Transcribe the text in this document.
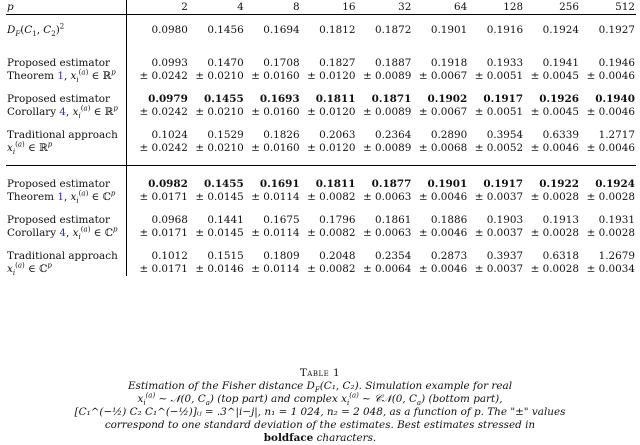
p		2	4	8	16	32	64	128	256	512
$D_F(C_1$, $C_2)^2$		0.0980	0.1456	0.1694	0.1812	0.1872	0.1901	0.1916	0.1924	0.1927

Proposed estimator		0.0993	0.1470	0.1708	0.1827	0.1887	0.1918	0.1933	0.1941	0.1946
Theorem 1, $x_i^{(a)}$ ∈ ℝ$^p$		± 0.0242	± 0.0210	± 0.0160	± 0.0120	± 0.0089	± 0.0067	± 0.0051	± 0.0045	± 0.0046

Proposed estimator		0.0979	0.1455	0.1693	0.1811	0.1871	0.1902	0.1917	0.1926	0.1940
Corollary 4, $x_i^{(a)}$ ∈ ℝ$^p$		± 0.0242	± 0.0210	± 0.0160	± 0.0120	± 0.0089	± 0.0067	± 0.0051	± 0.0045	± 0.0046

Traditional approach		0.1024	0.1529	0.1826	0.2063	0.2364	0.2890	0.3954	0.6339	1.2717
$x_i^{(a)}$ ∈ ℝ$^p$		± 0.0242	± 0.0210	± 0.0160	± 0.0120	± 0.0089	± 0.0068	± 0.0052	± 0.0046	± 0.0046

Proposed estimator		0.0982	0.1455	0.1691	0.1811	0.1877	0.1901	0.1917	0.1922	0.1924
Theorem 1, $x_i^{(a)}$ ∈ ℂ$^p$		± 0.0171	± 0.0145	± 0.0114	± 0.0082	± 0.0063	± 0.0046	± 0.0037	± 0.0028	± 0.0028

Proposed estimator		0.0968	0.1441	0.1675	0.1796	0.1861	0.1886	0.1903	0.1913	0.1931
Corollary 4, $x_i^{(a)}$ ∈ ℂ$^p$		± 0.0171	± 0.0145	± 0.0114	± 0.0082	± 0.0063	± 0.0046	± 0.0037	± 0.0028	± 0.0028

Traditional approach		0.1012	0.1515	0.1809	0.2048	0.2354	0.2873	0.3937	0.6318	1.2679
$x_i^{(a)}$ ∈ ℂ$^p$		± 0.0171	± 0.0146	± 0.0114	± 0.0082	± 0.0064	± 0.0046	± 0.0037	± 0.0028	± 0.0034
Table 1
Estimation of the Fisher distance $D_F(C_1$, C₂). Simulation example for real
$x_i^{(a)}$ ∼ 𝒩(0, $C_a$) (top part) and complex $x_i^{(a)}$ ∼ 𝒞𝒩(0, $C_a$) (bottom part),
[C₁^(−½) C₂ C₁^(−½)]ᵢⱼ = .3^|i−j|, n₁ = 1 024, n₂ = 2 048, as a function of p. The "±" values
correspond to one standard deviation of the estimates. Best estimates stressed in
boldface characters.
